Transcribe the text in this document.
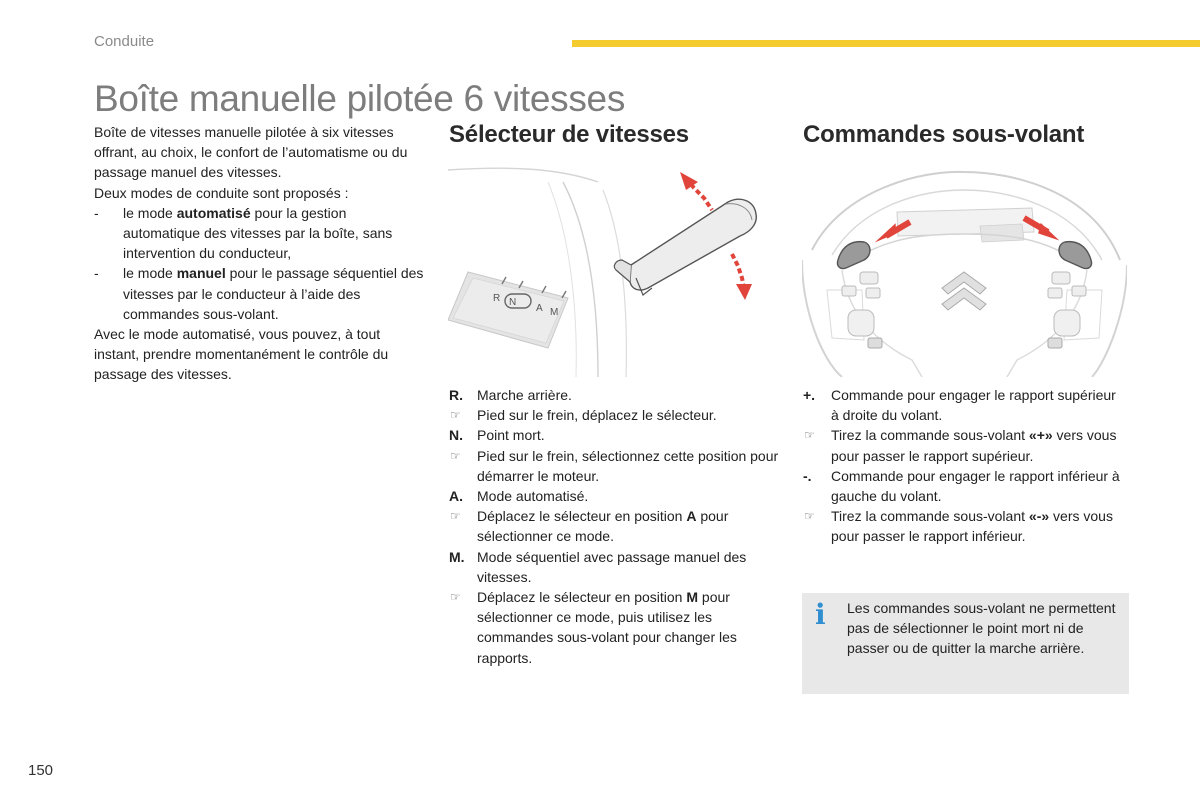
Conduite
Boîte manuelle pilotée 6 vitesses

Boîte de vitesses manuelle pilotée à six vitesses offrant, au choix, le confort de l’automatisme ou du passage manuel des vitesses.

Deux modes de conduite sont proposés :

- le mode automatisé pour la gestion automatique des vitesses par la boîte, sans intervention du conducteur,
- le mode manuel pour le passage séquentiel des vitesses par le conducteur à l’aide des commandes sous-volant.

Avec le mode automatisé, vous pouvez, à tout instant, prendre momentanément le contrôle du passage des vitesses.

Sélecteur de vitesses	Commandes sous-volant
R N
A M
R.	Marche arrière.
☞	Pied sur le frein, déplacez le sélecteur.
N.	Point mort.
☞	Pied sur le frein, sélectionnez cette position pour démarrer le moteur.
A.	Mode automatisé.
☞	Déplacez le sélecteur en position A pour sélectionner ce mode.
M. Mode séquentiel avec passage manuel des vitesses.
☞	Déplacez le sélecteur en position M pour sélectionner ce mode, puis utilisez les commandes sous-volant pour changer les rapports.
+.	Commande pour engager le rapport supérieur à droite du volant.
☞	Tirez la commande sous-volant «+» vers vous pour passer le rapport supérieur.
-.	Commande pour engager le rapport inférieur à gauche du volant.
☞	Tirez la commande sous-volant «-» vers vous pour passer le rapport inférieur.
i Les commandes sous-volant ne permettent pas de sélectionner le point mort ni de passer ou de quitter la marche arrière.
150
